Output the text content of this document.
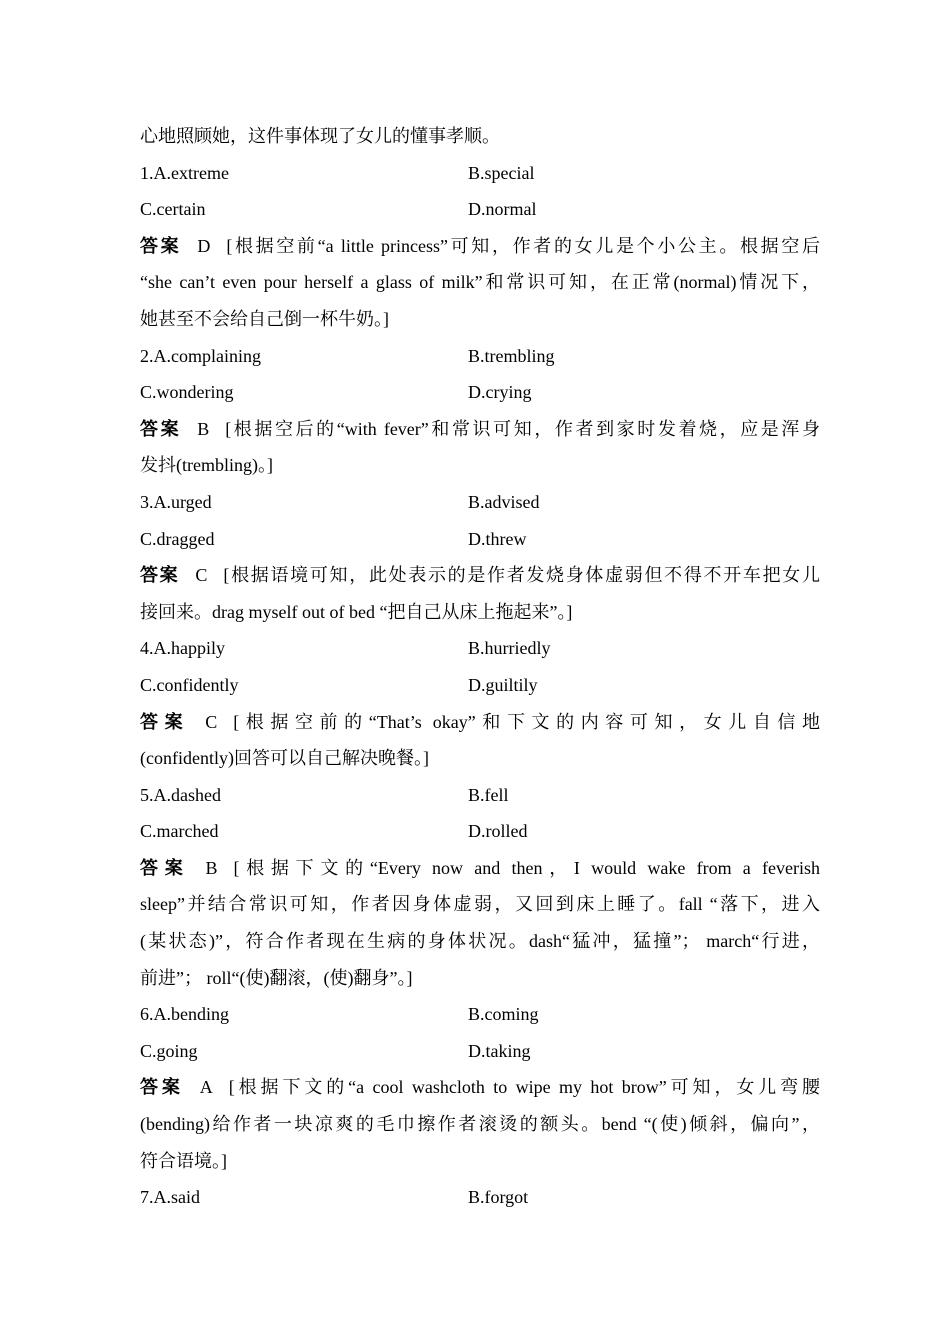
心地照顾她，这件事体现了女儿的懂事孝顺。
1.A.extreme	B.special
C.certain	D.normal
答案 D [根据空前“a little princess”可知，作者的女儿是个小公主。根据空后
“she can’t even pour herself a glass of milk”和常识可知，在正常(normal)情况下，
她甚至不会给自己倒一杯牛奶。]
2.A.complaining	B.trembling
C.wondering	D.crying
答案 B [根据空后的“with fever”和常识可知，作者到家时发着烧，应是浑身
发抖(trembling)。]
3.A.urged	B.advised
C.dragged	D.threw
答案 C [根据语境可知，此处表示的是作者发烧身体虚弱但不得不开车把女儿
接回来。drag myself out of bed “把自己从床上拖起来”。]
4.A.happily	B.hurriedly
C.confidently	D.guiltily
答案 C [根据空前的“That’s okay”和下文的内容可知，女儿自信地
(confidently)回答可以自己解决晚餐。]
5.A.dashed	B.fell
C.marched	D.rolled
答案 B [根据下文的“Every now and then，I would wake from a feverish
sleep”并结合常识可知，作者因身体虚弱，又回到床上睡了。fall “落下，进入
(某状态)”，符合作者现在生病的身体状况。dash“猛冲，猛撞”； march“行进，
前进”； roll“(使)翻滚，(使)翻身”。]
6.A.bending	B.coming
C.going	D.taking
答案 A [根据下文的“a cool washcloth to wipe my hot brow”可知，女儿弯腰
(bending)给作者一块凉爽的毛巾擦作者滚烫的额头。bend “(使)倾斜，偏向”，
符合语境。]
7.A.said	B.forgot
